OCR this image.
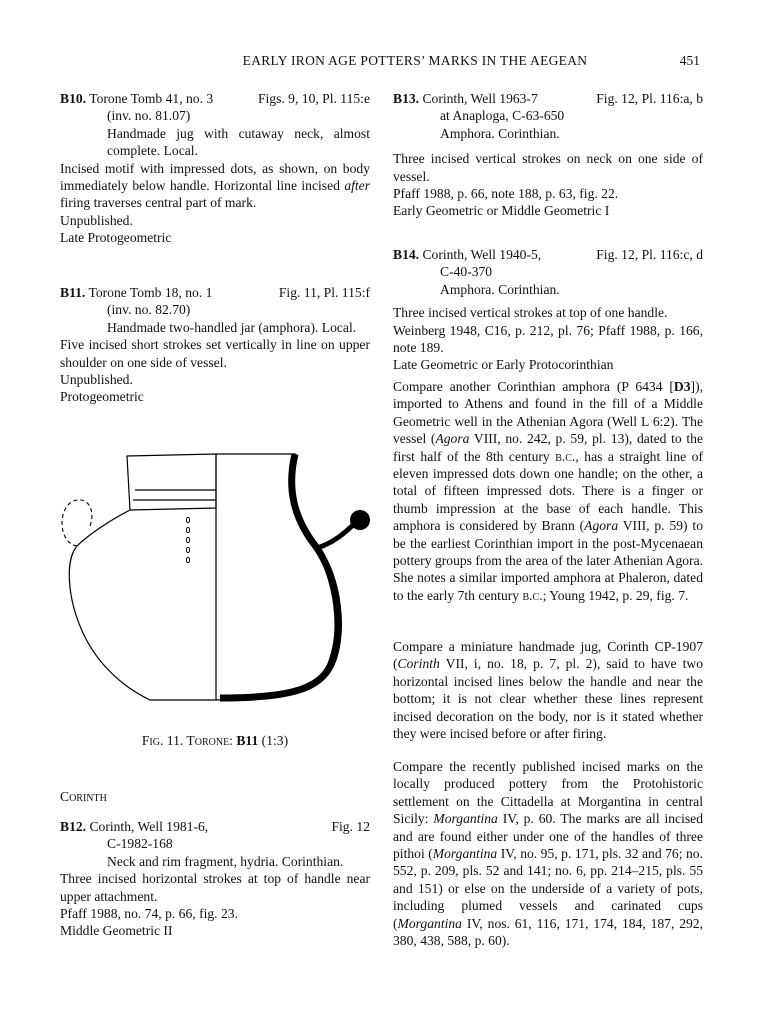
EARLY IRON AGE POTTERS’ MARKS IN THE AEGEAN	451
B10. Torone Tomb 41, no. 3	Figs. 9, 10, Pl. 115:e
(inv. no. 81.07)
Handmade jug with cutaway neck, almost complete. Local.

Incised motif with impressed dots, as shown, on body immediately below handle. Horizontal line incised after firing traverses central part of mark.

Unpublished.
Late Protogeometric
B11. Torone Tomb 18, no. 1	Fig. 11, Pl. 115:f
(inv. no. 82.70)
Handmade two-handled jar (amphora). Local.

Five incised short strokes set vertically in line on upper shoulder on one side of vessel.

Unpublished.
Protogeometric
Fig. 11. Torone: B11 (1:3)
Corinth
B12. Corinth, Well 1981-6,	Fig. 12
C-1982-168
Neck and rim fragment, hydria. Corinthian.

Three incised horizontal strokes at top of handle near upper attachment.

Pfaff 1988, no. 74, p. 66, fig. 23.
Middle Geometric II
B13. Corinth, Well 1963-7	Fig. 12, Pl. 116:a, b
at Anaploga, C-63-650
Amphora. Corinthian.

Three incised vertical strokes on neck on one side of vessel.

Pfaff 1988, p. 66, note 188, p. 63, fig. 22.
Early Geometric or Middle Geometric I
B14. Corinth, Well 1940-5,	Fig. 12, Pl. 116:c, d
C-40-370
Amphora. Corinthian.

Three incised vertical strokes at top of one handle.

Weinberg 1948, C16, p. 212, pl. 76; Pfaff 1988, p. 166, note 189.

Late Geometric or Early Protocorinthian

Compare another Corinthian amphora (P 6434 [D3]), imported to Athens and found in the fill of a Middle Geometric well in the Athenian Agora (Well L 6:2). The vessel (Agora VIII, no. 242, p. 59, pl. 13), dated to the first half of the 8th century b.c., has a straight line of eleven impressed dots down one handle; on the other, a total of fifteen impressed dots. There is a finger or thumb impression at the base of each handle. This amphora is considered by Brann (Agora VIII, p. 59) to be the earliest Corinthian import in the post-Mycenaean pottery groups from the area of the later Athenian Agora. She notes a similar imported amphora at Phaleron, dated to the early 7th century b.c.; Young 1942, p. 29, fig. 7.

Compare a miniature handmade jug, Corinth CP-1907 (Corinth VII, i, no. 18, p. 7, pl. 2), said to have two horizontal incised lines below the handle and near the bottom; it is not clear whether these lines represent incised decoration on the body, nor is it stated whether they were incised before or after firing.

Compare the recently published incised marks on the locally produced pottery from the Protohistoric settlement on the Cittadella at Morgantina in central Sicily: Morgantina IV, p. 60. The marks are all incised and are found either under one of the handles of three pithoi (Morgantina IV, no. 95, p. 171, pls. 32 and 76; no. 552, p. 209, pls. 52 and 141; no. 6, pp. 214–215, pls. 55 and 151) or else on the underside of a variety of pots, including plumed vessels and carinated cups (Morgantina IV, nos. 61, 116, 171, 174, 184, 187, 292, 380, 438, 588, p. 60).
